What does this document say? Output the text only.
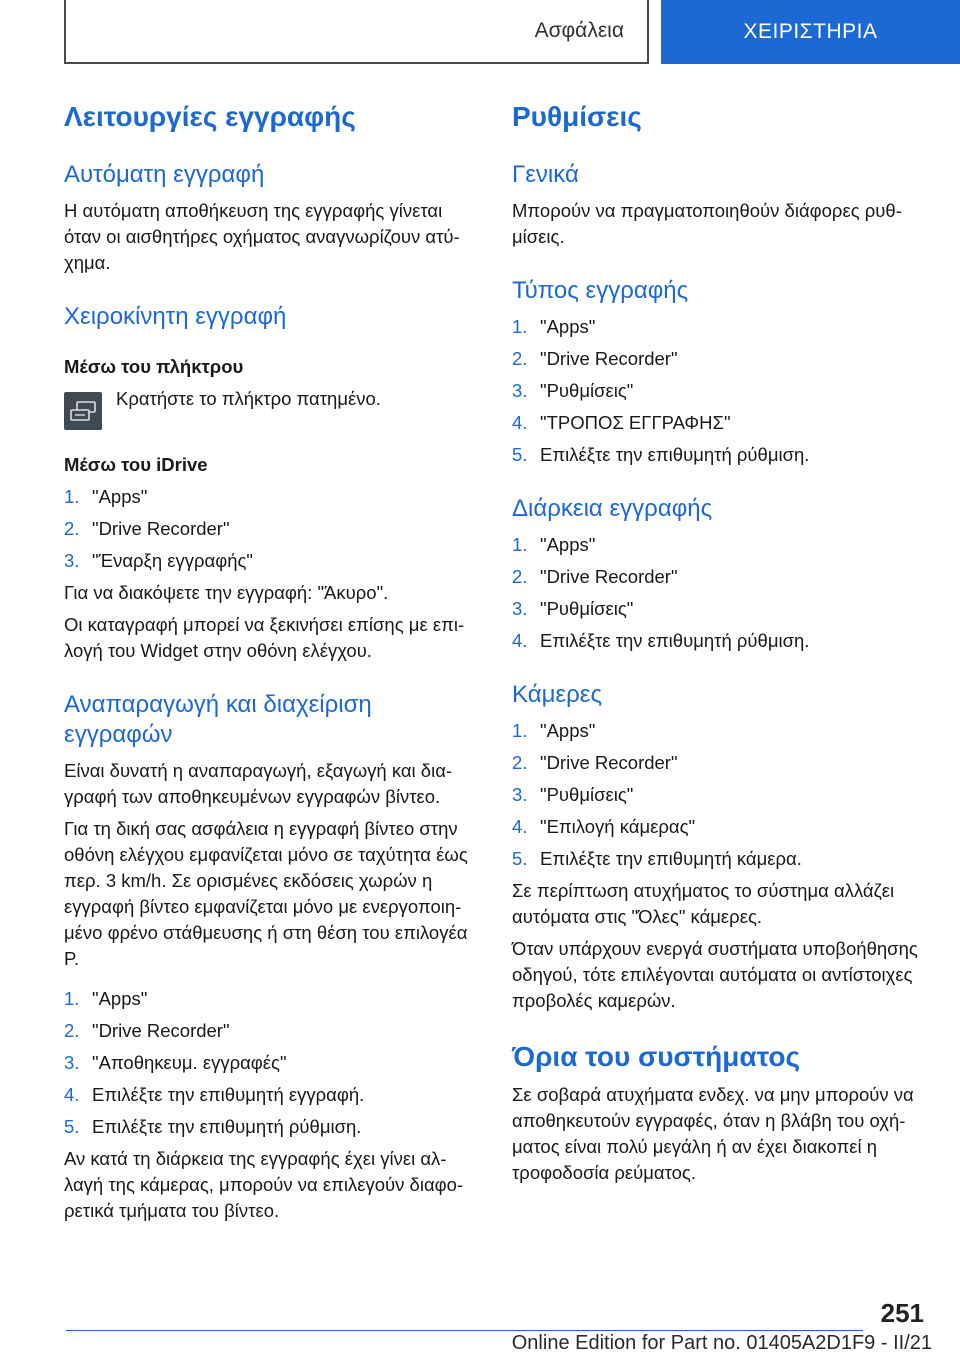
Ασφάλεια	ΧΕΙΡΙΣΤΗΡΙΑ
Λειτουργίες εγγραφής
Αυτόματη εγγραφή

Η αυτόματη αποθήκευση της εγγραφής γίνεται όταν οι αισθητήρες οχήματος αναγνωρίζουν ατύχημα.

Χειροκίνητη εγγραφή
Μέσω του πλήκτρου
Κρατήστε το πλήκτρο πατημένο.
Μέσω του iDrive
1. "Apps"
2. "Drive Recorder"
3. "Έναρξη εγγραφής"

Για να διακόψετε την εγγραφή: "Άκυρο".

Οι καταγραφή μπορεί να ξεκινήσει επίσης με επιλογή του Widget στην οθόνη ελέγχου.

Αναπαραγωγή και διαχείριση εγγραφών

Είναι δυνατή η αναπαραγωγή, εξαγωγή και διαγραφή των αποθηκευμένων εγγραφών βίντεο.

Για τη δική σας ασφάλεια η εγγραφή βίντεο στην οθόνη ελέγχου εμφανίζεται μόνο σε ταχύτητα έως περ. 3 km/h. Σε ορισμένες εκδόσεις χωρών η εγγραφή βίντεο εμφανίζεται μόνο με ενεργοποιημένο φρένο στάθμευσης ή στη θέση του επιλογέα P.

1. "Apps"
2. "Drive Recorder"
3. "Αποθηκευμ. εγγραφές"
4. Επιλέξτε την επιθυμητή εγγραφή.
5. Επιλέξτε την επιθυμητή ρύθμιση.

Αν κατά τη διάρκεια της εγγραφής έχει γίνει αλλαγή της κάμερας, μπορούν να επιλεγούν διαφορετικά τμήματα του βίντεο.

Ρυθμίσεις
Γενικά

Μπορούν να πραγματοποιηθούν διάφορες ρυθμίσεις.

Τύπος εγγραφής
1. "Apps"
2. "Drive Recorder"
3. "Ρυθμίσεις"
4. "ΤΡΟΠΟΣ ΕΓΓΡΑΦΗΣ"
5. Επιλέξτε την επιθυμητή ρύθμιση.
Διάρκεια εγγραφής
1. "Apps"
2. "Drive Recorder"
3. "Ρυθμίσεις"
4. Επιλέξτε την επιθυμητή ρύθμιση.
Κάμερες
1. "Apps"
2. "Drive Recorder"
3. "Ρυθμίσεις"
4. "Επιλογή κάμερας"
5. Επιλέξτε την επιθυμητή κάμερα.

Σε περίπτωση ατυχήματος το σύστημα αλλάζει αυτόματα στις "Όλες" κάμερες.

Όταν υπάρχουν ενεργά συστήματα υποβοήθησης οδηγού, τότε επιλέγονται αυτόματα οι αντίστοιχες προβολές καμερών.

Όρια του συστήματος

Σε σοβαρά ατυχήματα ενδεχ. να μην μπορούν να αποθηκευτούν εγγραφές, όταν η βλάβη του οχήματος είναι πολύ μεγάλη ή αν έχει διακοπεί η τροφοδοσία ρεύματος.

251
Online Edition for Part no. 01405A2D1F9 - II/21
